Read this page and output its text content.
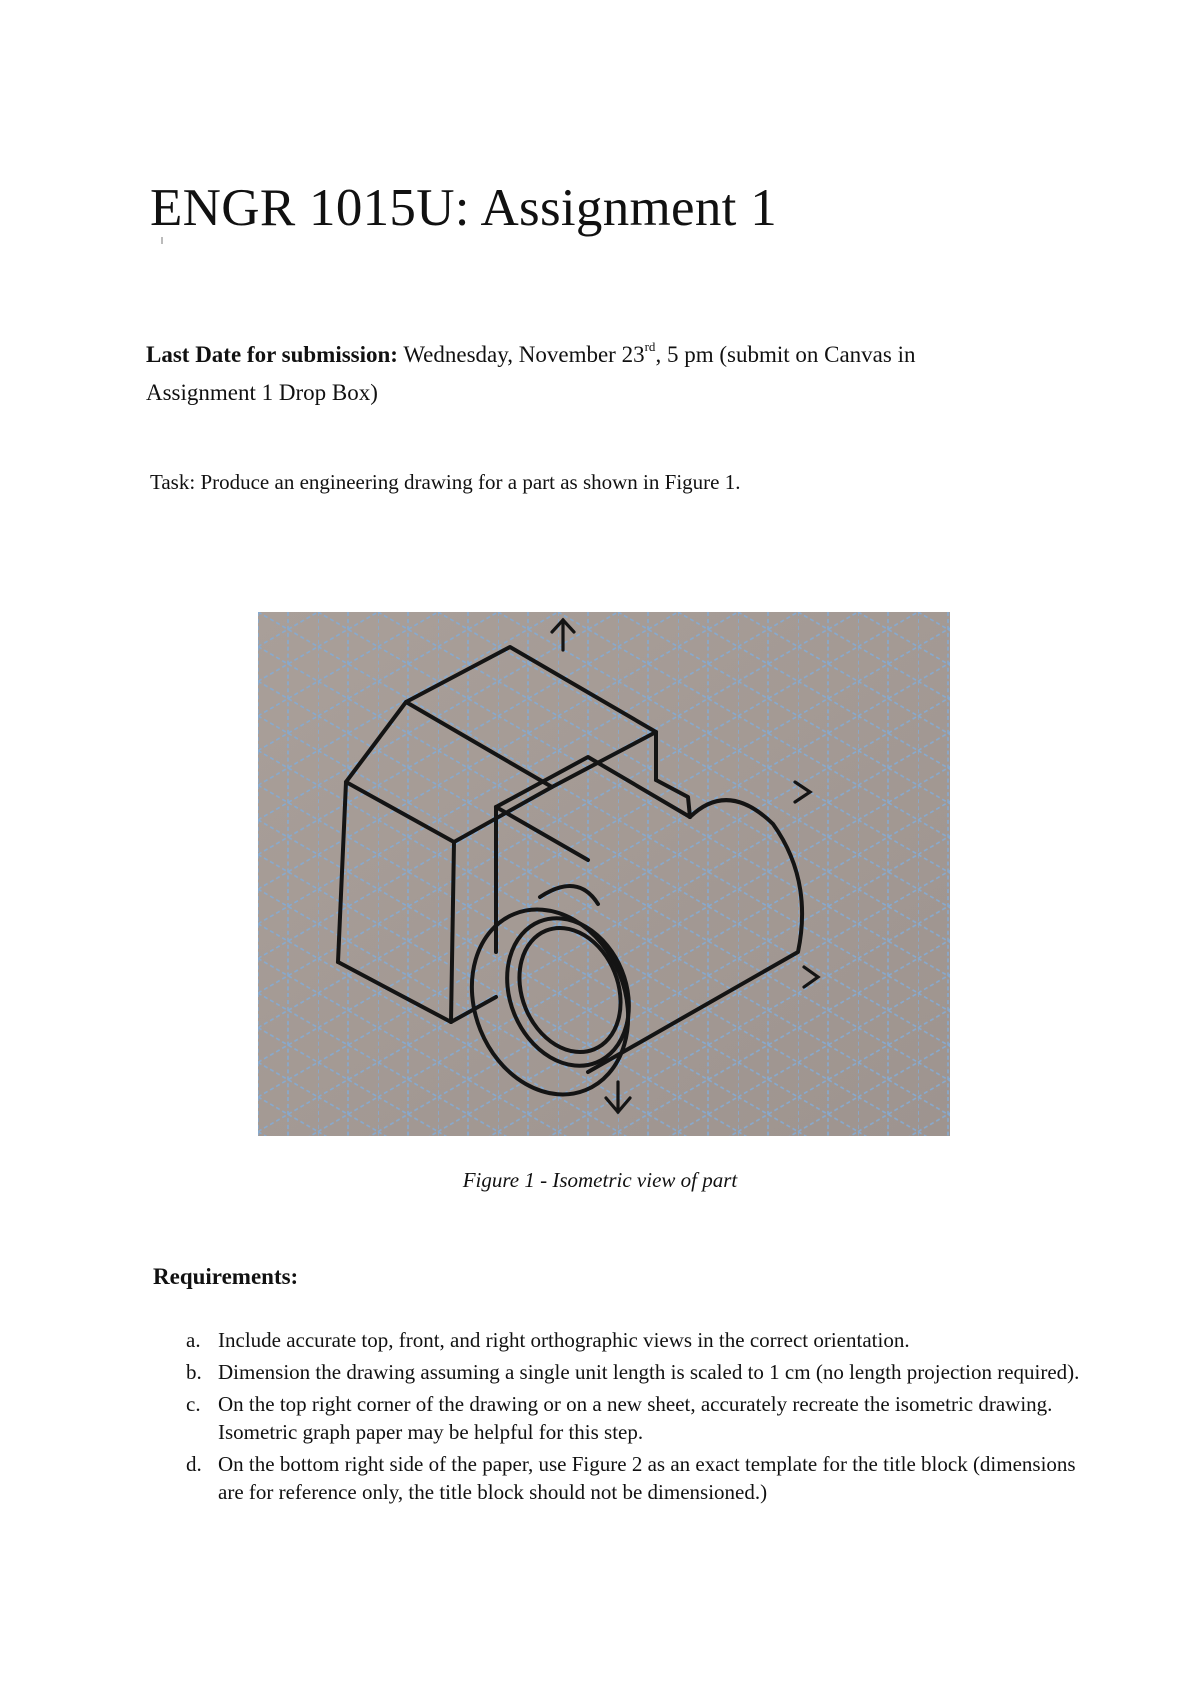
ENGR 1015U: Assignment 1

Last Date for submission: Wednesday, November 23rd, 5 pm (submit on Canvas in Assignment 1 Drop Box)

Task: Produce an engineering drawing for a part as shown in Figure 1.

Figure 1 - Isometric view of part
Requirements:
a. Include accurate top, front, and right orthographic views in the correct orientation.
b. Dimension the drawing assuming a single unit length is scaled to 1 cm (no length projection required).
c. On the top right corner of the drawing or on a new sheet, accurately recreate the isometric drawing. Isometric graph paper may be helpful for this step.
d. On the bottom right side of the paper, use Figure 2 as an exact template for the title block (dimensions are for reference only, the title block should not be dimensioned.)
